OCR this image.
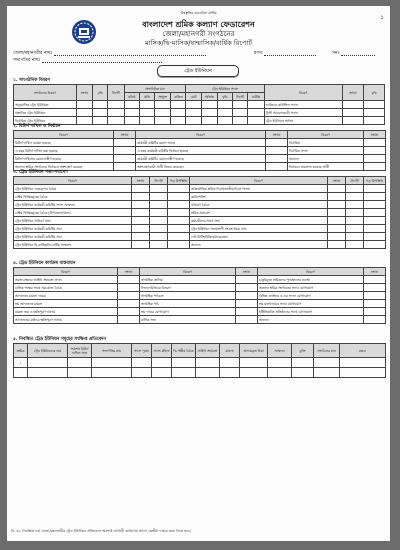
বিশ্বস্তুতির বারবাবিল বার্ষিক
১
বাংলাদেশ শ্রমিক কল্যাণ ফেডারেশন
জেলা/মহানগরী সংগঠনের
মাসিক/দ্বি-মাসিক/ষান্মাসিক/বার্ষিক রিপোর্ট
জেলা/মহানগরীর নামঃ	মাসঃ	সনঃ
সভাপতির নামঃ
ট্রেড ইউনিয়ন
১. সাংগঠনিক বিবরণ
সংগঠনের বিবরণ	সংখ্যা	বৃদ্ধি	টার্গেট	সাংগঠনিক মান				ট্রেড ইউনিয়ন সদস্য					বিবরণ	সংখ্যা	বৃদ্ধি
				ঘনিষ্ঠ	প্রতি	সংযুক্ত	বাতিল	মোট	অর্জিত	বৃদ্ধি	টার্গেট	ঘাটতি			
অনুমোদিত ট্রেড ইউনিয়ন													ফাউন্ডার কাউন্সিল সদস্য		
প্রস্তাবিত ট্রেড ইউনিয়ন													ট্রাস্ট আবেদনকারী সদস্য		
নির্বাচিত ট্রেড ইউনিয়ন													ট্রেড ইউনিয়ন অফিস		
২. রিটার্ন দাখিল ও নির্বাচন
বিবরণ	সংখ্যা	বিবরণ	সংখ্যা	বিবরণ	সংখ্যা
রিটার্ন দাখিল বকেয়া হয়েছে		কার্যকরী কমিটির মেয়াদ আছে		নির্বাচিত	
এ বছর রিটার্ন দাখিল করা হয়েছে		এ বছর কার্যকরী কমিটির নির্বাচন হয়েছে		নির্বাচিত সদস্য	
রিটার্ন দাখিলের মেয়াদোত্তীর্ণ হয়েছে		কার্যকরী কমিটির মেয়াদোত্তীর্ণ হয়েছে		অন্যান্য	
অন্যান্য শ্রমিক সংগঠনের নির্বাচনে অংশগ্রহণ করেছে		অংশগ্রহণকারী প্রার্থী বিজয় করেছেন		নির্বাচনে জয়লাভ করেছে প্রার্থী	
৩. ট্রেড ইউনিয়ন সভা-সমাবেশ
বিবরণ	সংখ্যা	টার্গেট	গড় উপস্থিতি	বিবরণ	সংখ্যা	টার্গেট	গড় উপস্থিতি
ট্রেড ইউনিয়ন নেতৃবৃন্দের বৈঠক				আন্তর্জাতিক শ্রমিক দিবস/জাতীয় দিবস পালন			
সেক্টর ভিত্তিকমূলক বৈঠক				কাউন্সেলিং			
ট্রেড ইউনিয়ন কার্যকরী কমিটির সদস্য সম্মেলন				সাধারণ বৈঠক			
সেক্টর ভিত্তিকমূলক বৈঠক (উপজেলা/থানা)				শ্রমিক সমাবেশ			
ট্রেড ইউনিয়ন সাধারণ সভা				কর্মচারীদের সাথে সভা			
ট্রেড ইউনিয়ন কার্যকরী কমিটির সভা				ট্রেড ইউনিয়ন সভা/সংগী সংগ্রহ নিয়ে সভা			
ট্রেড ইউনিয়ন কার্যকরী কমিটির সভা				গেট মিটিং/মিছিল/মানববন্ধন			
ট্রেড ইউনিয়ন দ্বি-বার্ষিক/ত্রি-বার্ষিক সম্মেলন				অন্যান্য			
৪. ট্রেড ইউনিয়ন কার্যক্রম বাস্তবায়ন
বিবরণ	সংখ্যা	বিবরণ	সংখ্যা	বিবরণ	সংখ্যা
সমস্যাগ্রস্থদের আইনি সহায়তা প্রদান		সাপ্তাহিক তালিম		চাকুরিচ্যুত শ্রমিকদের পুনর্বহালের ব্যবস্থা	
মালিক পক্ষের সাথে সমঝোতা বৈঠক		লিফলেট/প্রচার বিতরণ		অন্যান্য শ্রমিক সংগঠনের সাথে যোগাযোগ	
আদালতে মামলা দায়ের		সাপ্তাহিক পাঠচক্র		বিভিন্ন এনজিও ও এর সদস্য যোগাযোগ	
শ্রম আদালতে মামলা		সাপ্তাহিক পাঠ		শ্রম মন্ত্রণালয়ের সাথে যোগাযোগ	
মামলা জয় ও ক্ষতিপূরণ আদায়		শ্রম দপ্তরে যোগাযোগ		ইঞ্জিনিয়ারিং প্রতিষ্ঠানের সাথে যোগাযোগ	
আদালতের মাধ্যমে ক্ষতিপূরণ আদায়		মাসিক সভা		অন্যান্য	
৫. নিবন্ধিত ট্রেড ইউনিয়ন সমূহের সংক্ষিপ্ত প্রতিবেদন
ক্রমিক	ট্রেড ইউনিয়নের নাম	সর্বশেষ রিটার্ন দাখিল সাল	সভাপতির নাম	সদস্য পুরুষ	সদস্য মহিলা	দ্বি-পক্ষীয় বৈঠক	আইনি সহায়তা	মামলা	আদায়কৃত টাকা	সম্মেলন	চুক্তি	সংগঠনের মান	মন্তব্য
১													

বি: দ্র:- নিবন্ধিত ফর্ম জেলা/মহানগরীর ট্রেড ইউনিয়ন প্রতিবেদন অবশ্যই আগামী তারিখের আগে কেন্দ্রীয় দপ্তরে জমা দিতে হবে।
